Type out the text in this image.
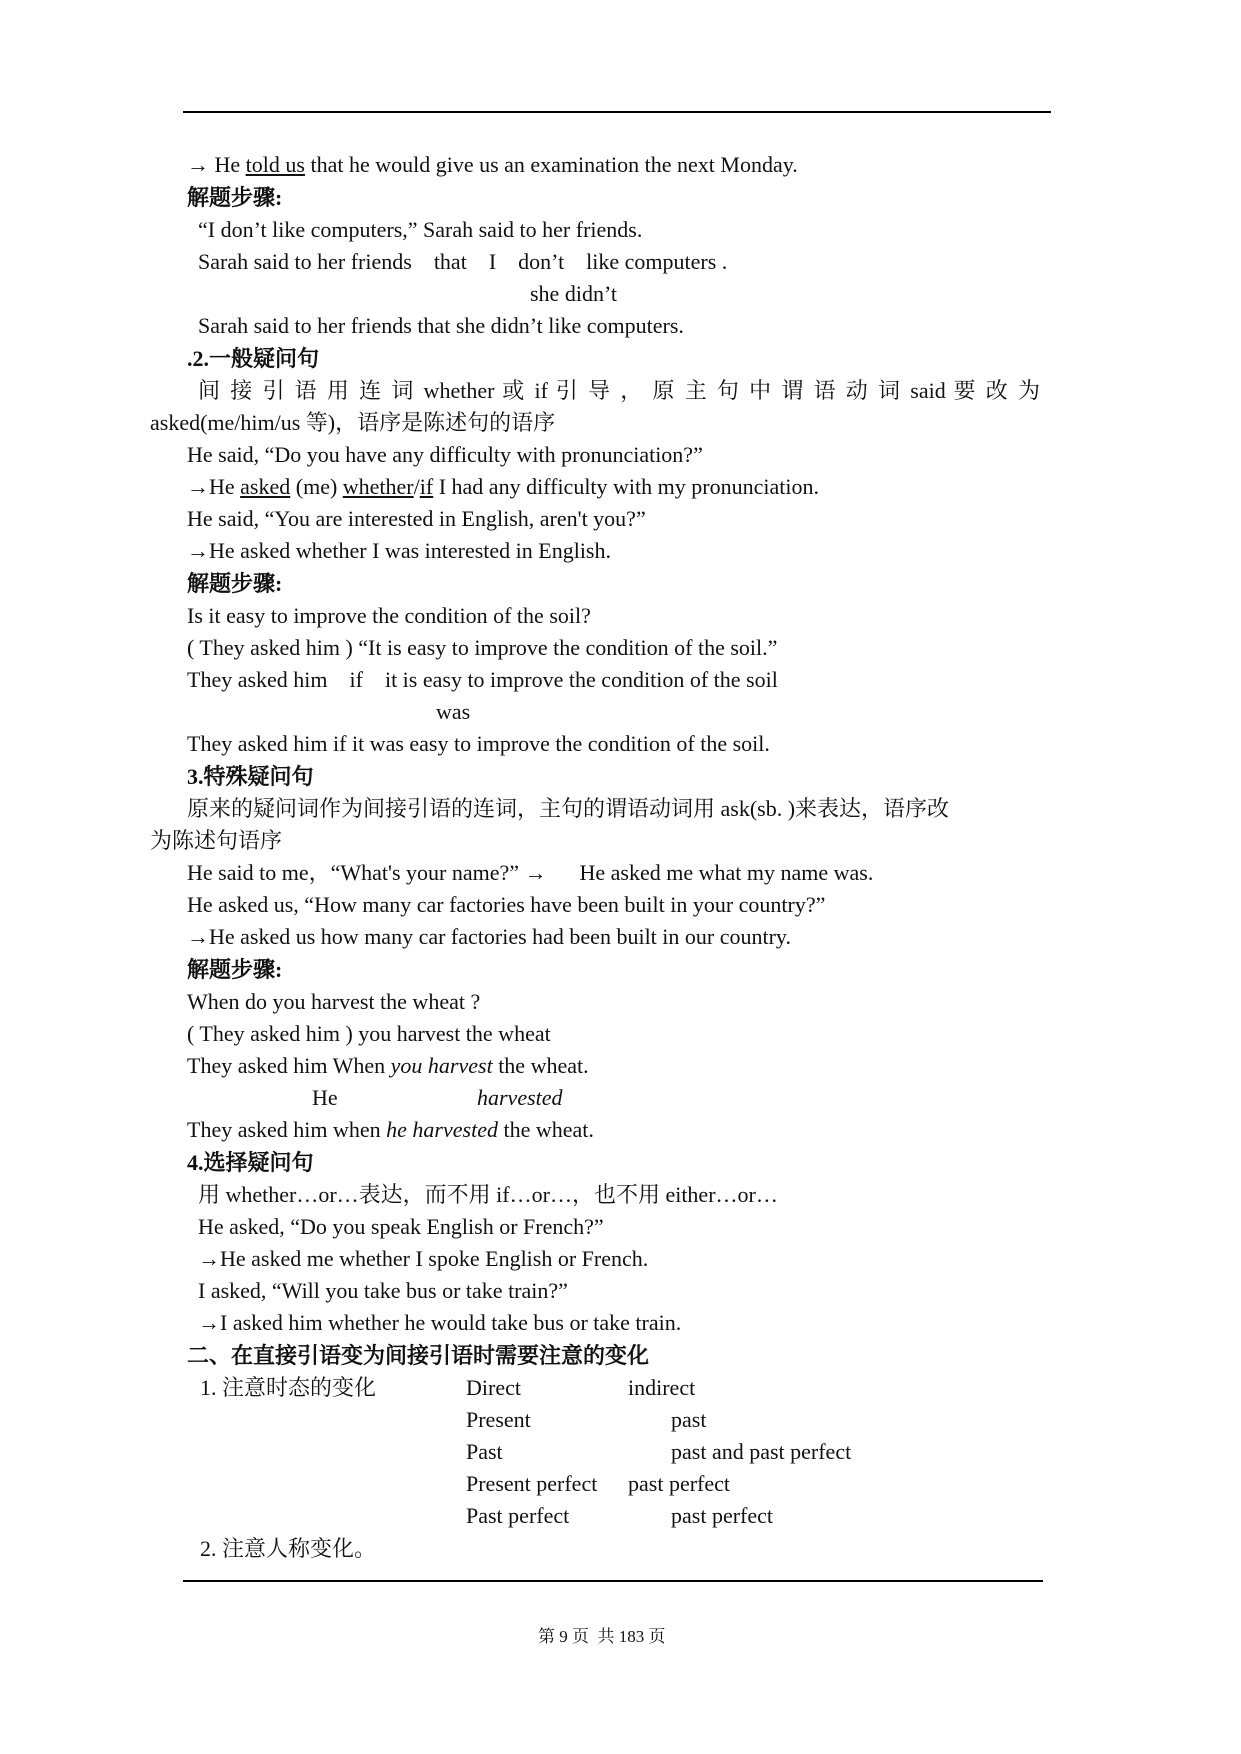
→ He told us that he would give us an examination the next Monday.
解题步骤:
“I don’t like computers,” Sarah said to her friends.
Sarah said to her friends    that    I    don’t    like computers .
she didn’t
Sarah said to her friends that she didn’t like computers.
.2.一般疑问句
间 接 引 语 用 连 词 whether 或 if 引 导 ， 原 主 句 中 谓 语 动 词 said 要 改 为
asked(me/him/us 等)，语序是陈述句的语序
He said, “Do you have any difficulty with pronunciation?”
→He asked (me) whether/if I had any difficulty with my pronunciation.
He said, “You are interested in English, aren't you?”
→He asked whether I was interested in English.
解题步骤:
Is it easy to improve the condition of the soil?
( They asked him ) “It is easy to improve the condition of the soil.”
They asked him    if    it is easy to improve the condition of the soil
was
They asked him if it was easy to improve the condition of the soil.
3.特殊疑问句
原来的疑问词作为间接引语的连词，主句的谓语动词用 ask(sb. )来表达，语序改
为陈述句语序
He said to me，“What's your name?” →      He asked me what my name was.
He asked us, “How many car factories have been built in your country?”
→He asked us how many car factories had been built in our country.
解题步骤:
When do you harvest the wheat ?
( They asked him ) you harvest the wheat
They asked him When you harvest the wheat.
He	harvested
They asked him when he harvested the wheat.
4.选择疑问句
用 whether…or…表达，而不用 if…or…，也不用 either…or…
He asked, “Do you speak English or French?”
→He asked me whether I spoke English or French.
I asked, “Will you take bus or take train?”
→I asked him whether he would take bus or take train.
二、在直接引语变为间接引语时需要注意的变化
1. 注意时态的变化	Direct	indirect
Present	past
Past	past and past perfect
Present perfect past perfect
Past perfect	past perfect
2. 注意人称变化。
第 9 页  共 183 页
